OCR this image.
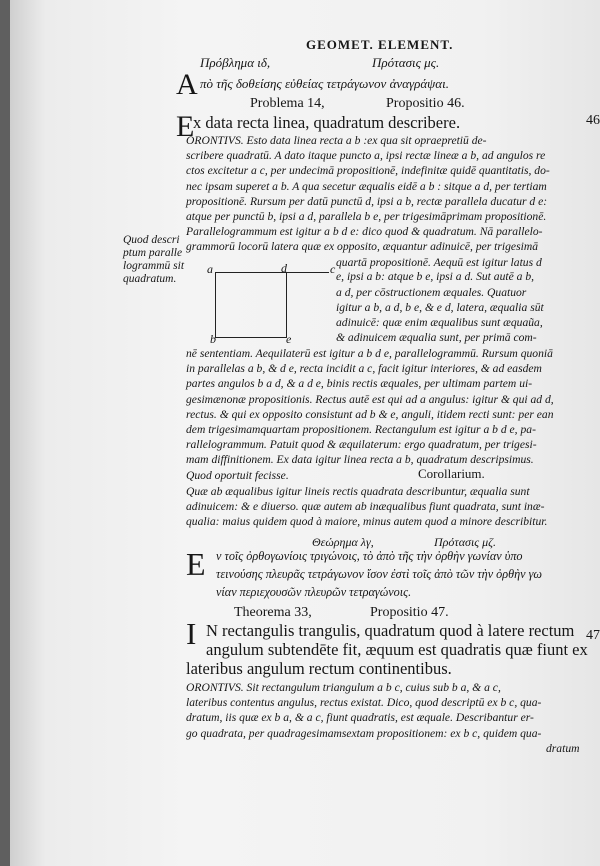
GEOMET. ELEMENT.
46
Πρόβλημα ιδ,	Πρότασις μς.
Α πὸ τῆς δοθείσης εὐθείας τετράγωνον ἀναγράψαι.
Problema 14,	Propositio 46.
E
x data recta linea, quadratum describere.
ORONTIVS. Esto data linea recta a b :ex qua sit opraepretiū de-
scribere quadratū. A dato itaque puncto a, ipsi rectæ lineæ a b, ad angulos re
ctos excitetur a c, per undecimā propositionē, indefinitæ quidē quantitatis, do-
nec ipsam superet a b. A qua secetur æqualis eidē a b : sitque a d, per tertiam
propositionē. Rursum per datū punctū d, ipsi a b, rectæ parallela ducatur d e:
atque per punctū b, ipsi a d, parallela b e, per trigesimāprimam propositionē.
Parallelogrammum est igitur a b d e: dico quod & quadratum. Nā parallelo-
grammorū locorū latera quæ ex opposito, æquantur adinuicē, per trigesimā
quartā propositionē. Aequū est igitur latus d
Quod descri ptum paralle logrammū sit quadratum.
a	d	c
b	e
e, ipsi a b: atque b e, ipsi a d. Sut autē a b,
a d, per cōstructionem æquales. Quatuor
igitur a b, a d, b e, & e d, latera, æqualia sūt
adinuicē: quæ enim æqualibus sunt æquaũa,
& adinuicem æqualia sunt, per primā com-
nē sententiam. Aequilaterū est igitur a b d e, parallelogrammū. Rursum quoniā
in parallelas a b, & d e, recta incidit a c, facit igitur interiores, & ad easdem
partes angulos b a d, & a d e, binis rectis æquales, per ultimam partem ui-
gesimænonæ propositionis. Rectus autē est qui ad a angulus: igitur & qui ad d,
rectus. & qui ex opposito consistunt ad b & e, anguli, itidem recti sunt: per ean
dem trigesimamquartam propositionem. Rectangulum est igitur a b d e, pa-
rallelogrammum. Patuit quod & æquilaterum: ergo quadratum, per trigesi-
mam diffinitionem. Ex data igitur linea recta a b, quadratum descripsimus.
Quod oportuit fecisse.	Corollarium.
Quæ ab æqualibus igitur lineis rectis quadrata describuntur, æqualia sunt
adinuicem: & e diuerso. quæ autem ab inæqualibus fiunt quadrata, sunt inæ-
qualia: maius quidem quod à maiore, minus autem quod a minore describitur.
Θεώρημα λγ,	Πρότασις μζ.
Ε ν τοῖς ὀρθογωνίοις τριγώνοις, τὸ ἀπὸ τῆς τὴν ὀρθὴν γωνίαν ὑπο
τεινούσης πλευρᾶς τετράγωνον ἴσον ἐστὶ τοῖς ἀπὸ τῶν τὴν ὀρθὴν γω
νίαν περιεχουσῶν πλευρῶν τετραγώνοις.
Theorema 33,	Propositio 47.
I N rectangulis trangulis, quadratum quod à latere rectum
angulum subtendēte fit, æquum est quadratis quæ fiunt ex
lateribus angulum rectum continentibus.
47
ORONTIVS. Sit rectangulum triangulum a b c, cuius sub b a, & a c,
lateribus contentus angulus, rectus existat. Dico, quod descriptū ex b c, qua-
dratum, iis quæ ex b a, & a c, fiunt quadratis, est æquale. Describantur er-
go quadrata, per quadragesimamsextam propositionem: ex b c, quidem qua-
dratum
